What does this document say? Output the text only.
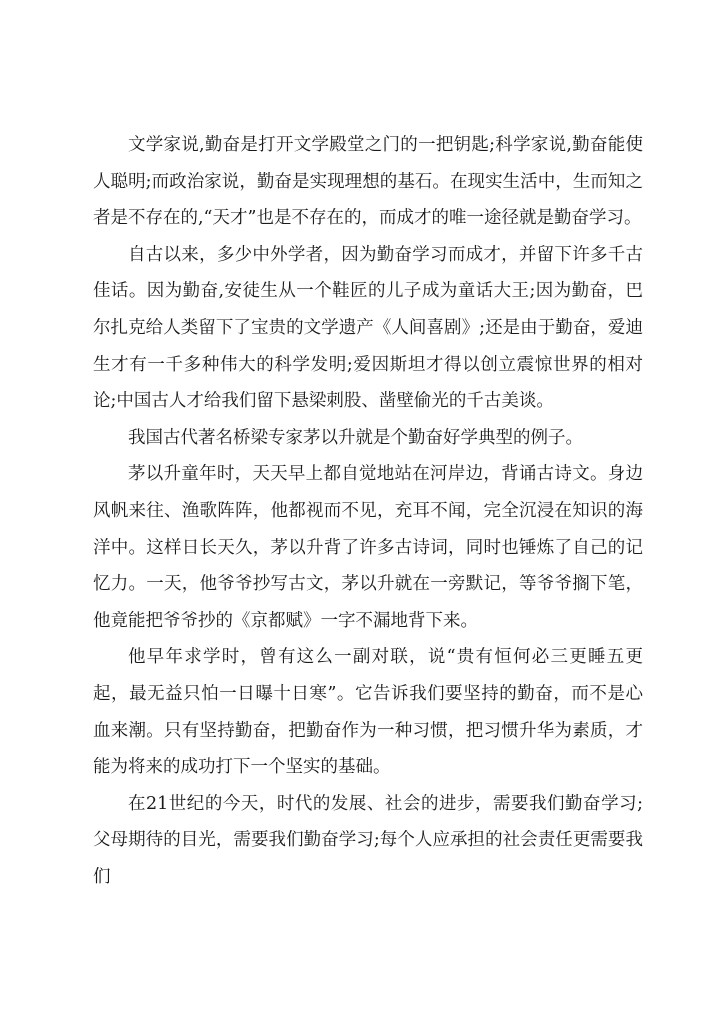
文学家说,勤奋是打开文学殿堂之门的一把钥匙;科学家说,勤奋能使人聪明;而政治家说，勤奋是实现理想的基石。在现实生活中，生而知之者是不存在的,“天才”也是不存在的，而成才的唯一途径就是勤奋学习。

自古以来，多少中外学者，因为勤奋学习而成才，并留下许多千古佳话。因为勤奋,安徒生从一个鞋匠的儿子成为童话大王;因为勤奋，巴尔扎克给人类留下了宝贵的文学遗产《人间喜剧》;还是由于勤奋，爱迪生才有一千多种伟大的科学发明;爱因斯坦才得以创立震惊世界的相对论;中国古人才给我们留下悬梁刺股、凿壁偷光的千古美谈。

我国古代著名桥梁专家茅以升就是个勤奋好学典型的例子。

茅以升童年时，天天早上都自觉地站在河岸边，背诵古诗文。身边风帆来往、渔歌阵阵，他都视而不见，充耳不闻，完全沉浸在知识的海洋中。这样日长天久，茅以升背了许多古诗词，同时也锤炼了自己的记忆力。一天，他爷爷抄写古文，茅以升就在一旁默记，等爷爷搁下笔，他竟能把爷爷抄的《京都赋》一字不漏地背下来。

他早年求学时，曾有这么一副对联，说“贵有恒何必三更睡五更起，最无益只怕一日曝十日寒”。它告诉我们要坚持的勤奋，而不是心血来潮。只有坚持勤奋，把勤奋作为一种习惯，把习惯升华为素质，才能为将来的成功打下一个坚实的基础。

在21世纪的今天，时代的发展、社会的进步，需要我们勤奋学习;父母期待的目光，需要我们勤奋学习;每个人应承担的社会责任更需要我们
